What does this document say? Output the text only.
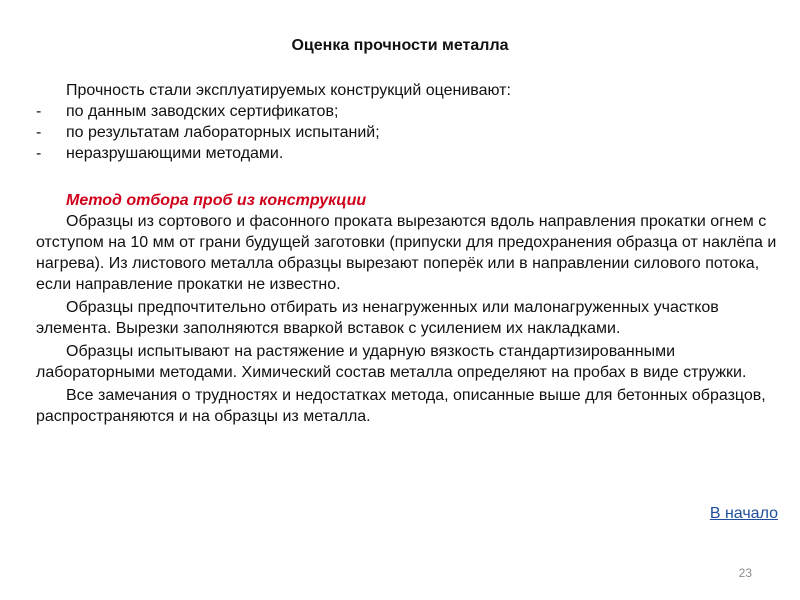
Оценка прочности металла

Прочность стали эксплуатируемых конструкций оценивают:

- по данным заводских сертификатов;
- по результатам лабораторных испытаний;
- неразрушающими методами.

Метод отбора проб из конструкции

Образцы из сортового и фасонного проката вырезаются вдоль направления прокатки огнем с отступом на 10 мм от грани будущей заготовки (припуски для предохранения образца от наклёпа и нагрева). Из листового металла образцы вырезают поперёк или в направлении силового потока, если направление прокатки не известно.

Образцы предпочтительно отбирать из ненагруженных или малонагруженных участков элемента. Вырезки заполняются вваркой вставок с усилением их накладками.

Образцы испытывают на растяжение и ударную вязкость стандартизированными лабораторными методами. Химический состав металла определяют на пробах в виде стружки.

Все замечания о трудностях и недостатках метода, описанные выше для бетонных образцов, распространяются и на образцы из металла.

В начало
23
